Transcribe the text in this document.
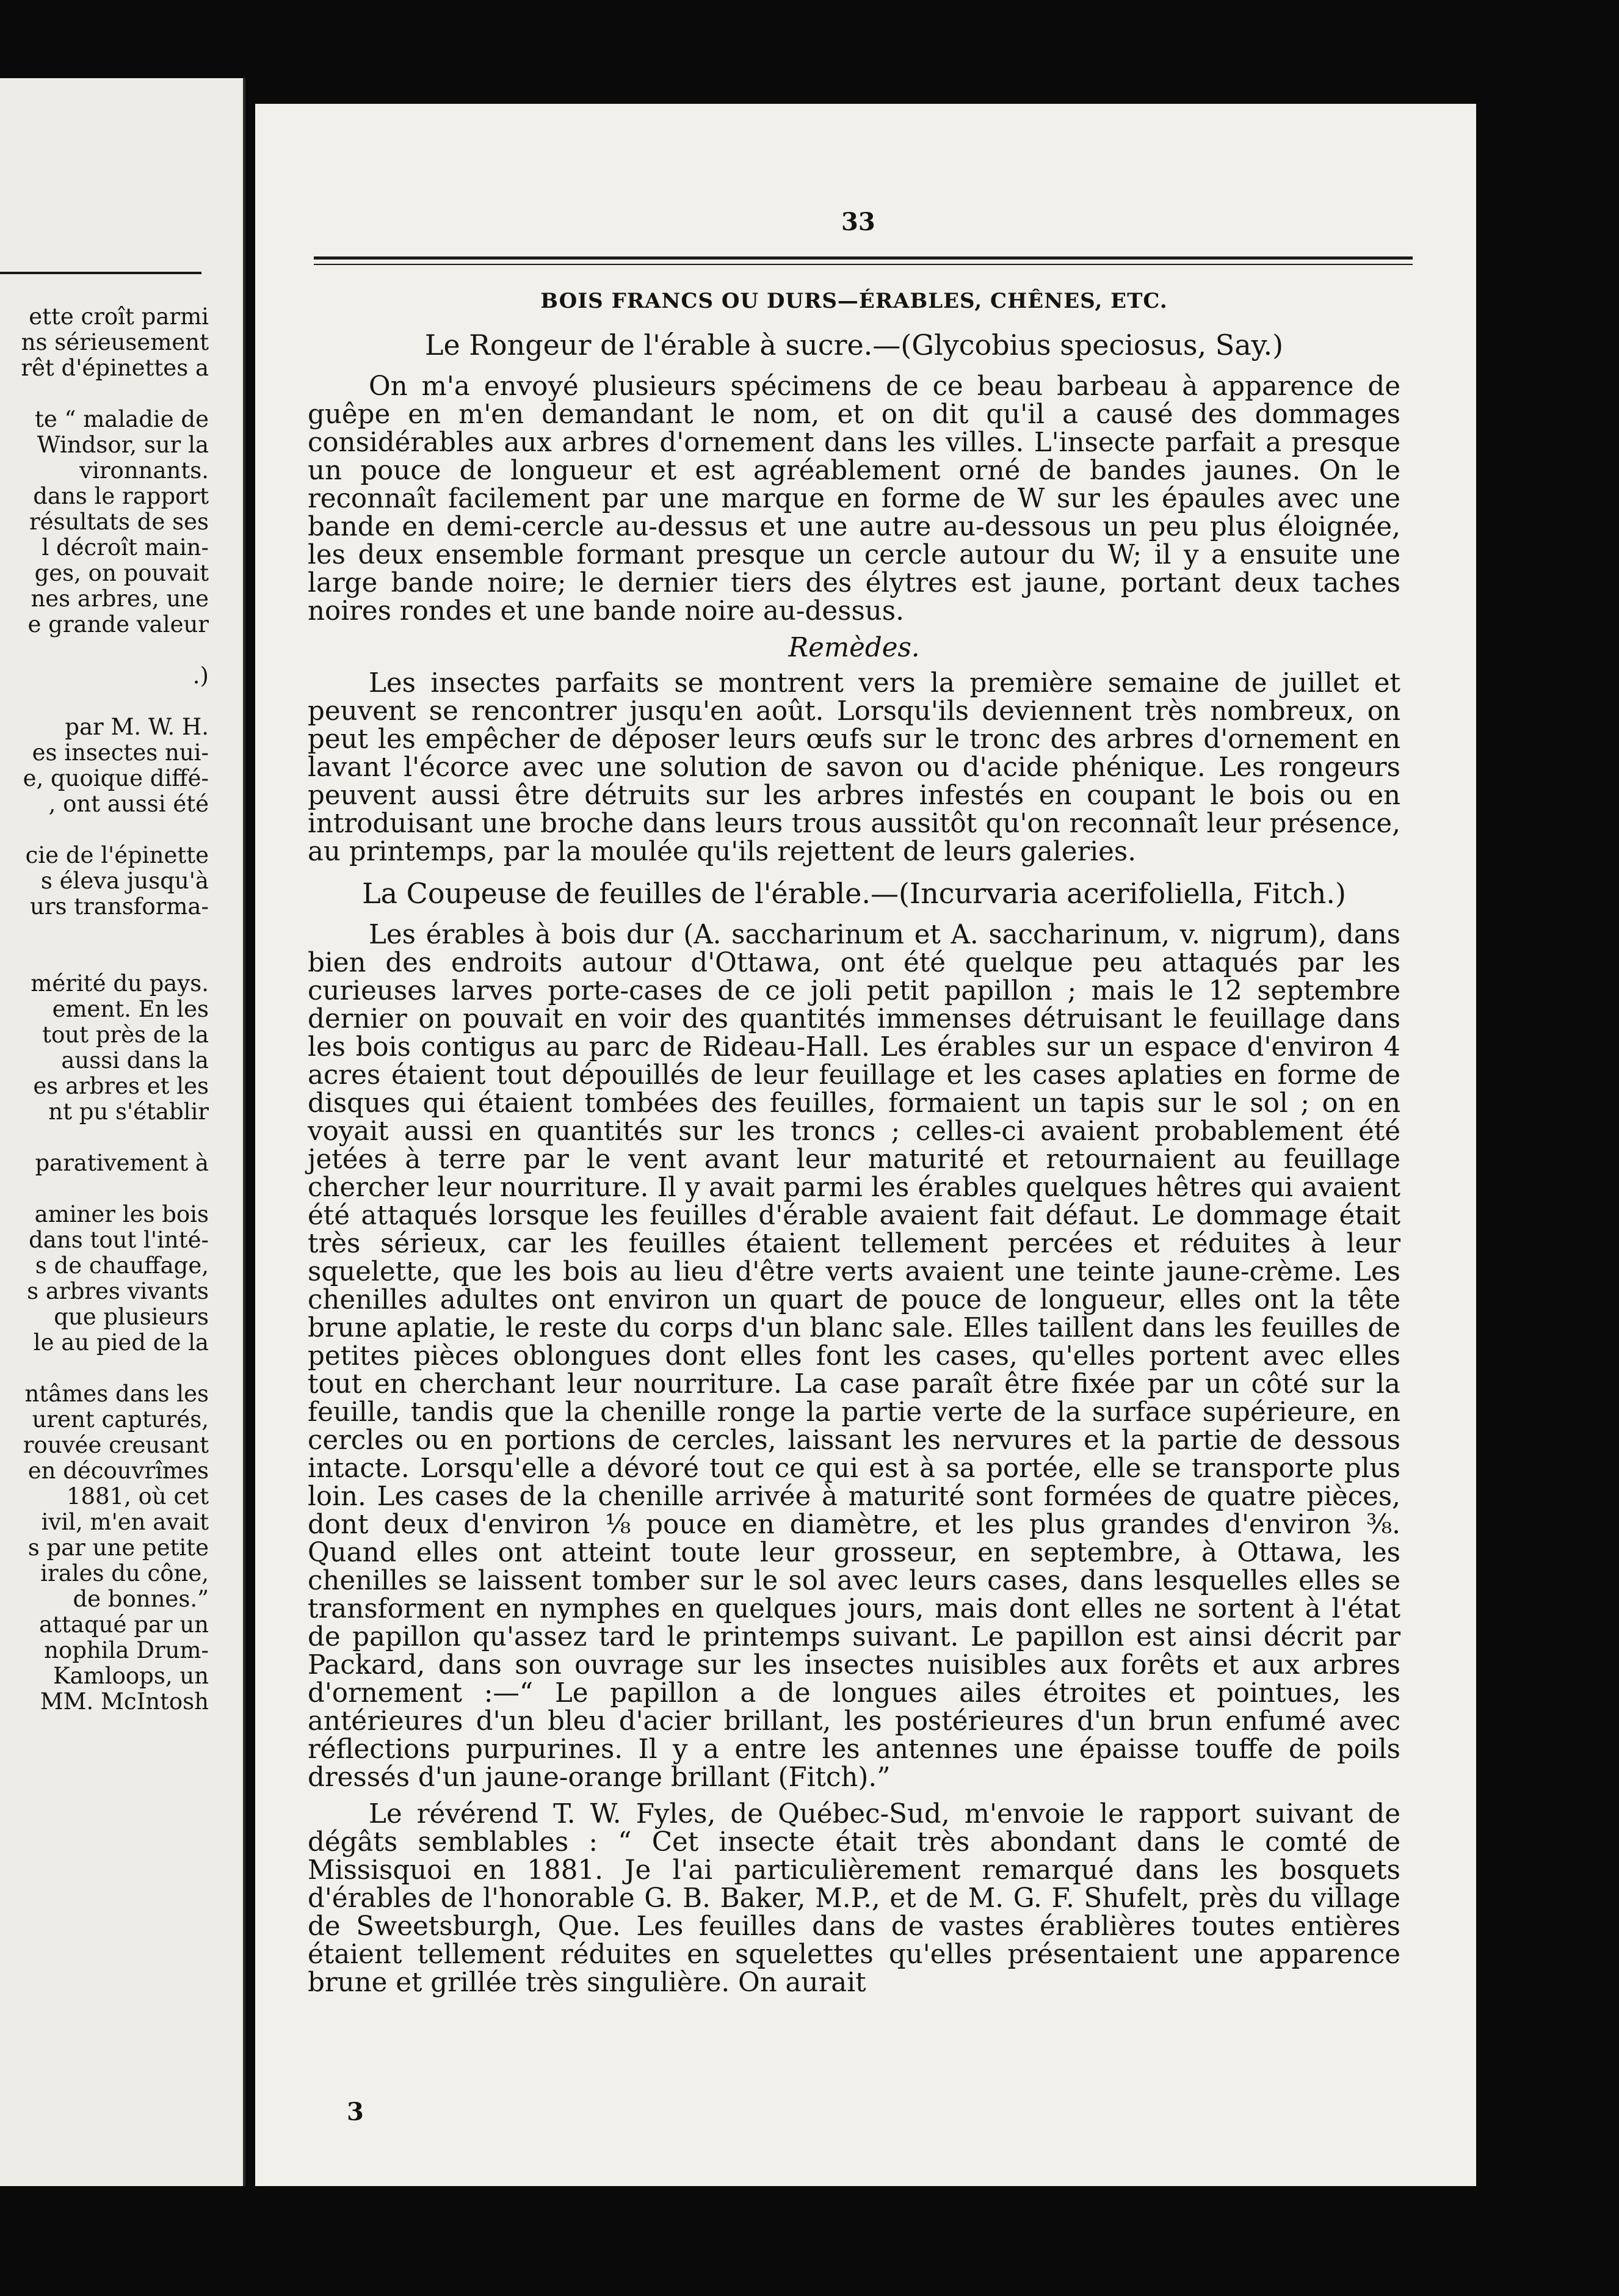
ette croît parmi
ns sérieusement
rêt d'épinettes a

te “ maladie de
Windsor, sur la
vironnants.
dans le rapport
résultats de ses
l décroît main-
ges, on pouvait
nes arbres, une
e grande valeur

.)

par M. W. H.
es insectes nui-
e, quoique diffé-
, ont aussi été

cie de l'épinette
s éleva jusqu'à
urs transforma-

mérité du pays.
ement. En les
tout près de la
aussi dans la
es arbres et les
nt pu s'établir

parativement à

aminer les bois
dans tout l'inté-
s de chauffage,
s arbres vivants
que plusieurs
le au pied de la

ntâmes dans les
urent capturés,
rouvée creusant
en découvrîmes
1881, où cet
ivil, m'en avait
s par une petite
irales du cône,
de bonnes.”
attaqué par un
nophila Drum-
Kamloops, un
MM. McIntosh

33

BOIS FRANCS OU DURS—ÉRABLES, CHÊNES, ETC.

Le Rongeur de l'érable à sucre.—(Glycobius speciosus, Say.)

On m'a envoyé plusieurs spécimens de ce beau barbeau à apparence de guêpe en m'en demandant le nom, et on dit qu'il a causé des dommages considérables aux arbres d'ornement dans les villes. L'insecte parfait a presque un pouce de longueur et est agréablement orné de bandes jaunes. On le reconnaît facilement par une marque en forme de W sur les épaules avec une bande en demi-cercle au-dessus et une autre au-dessous un peu plus éloignée, les deux ensemble formant presque un cercle autour du W; il y a ensuite une large bande noire; le dernier tiers des élytres est jaune, portant deux taches noires rondes et une bande noire au-dessus.

Remèdes.

Les insectes parfaits se montrent vers la première semaine de juillet et peuvent se rencontrer jusqu'en août. Lorsqu'ils deviennent très nombreux, on peut les empêcher de déposer leurs œufs sur le tronc des arbres d'ornement en lavant l'écorce avec une solution de savon ou d'acide phénique. Les rongeurs peuvent aussi être détruits sur les arbres infestés en coupant le bois ou en introduisant une broche dans leurs trous aussitôt qu'on reconnaît leur présence, au printemps, par la moulée qu'ils rejettent de leurs galeries.

La Coupeuse de feuilles de l'érable.—(Incurvaria acerifoliella, Fitch.)

Les érables à bois dur (A. saccharinum et A. saccharinum, v. nigrum), dans bien des endroits autour d'Ottawa, ont été quelque peu attaqués par les curieuses larves porte-cases de ce joli petit papillon ; mais le 12 septembre dernier on pouvait en voir des quantités immenses détruisant le feuillage dans les bois contigus au parc de Rideau-Hall. Les érables sur un espace d'environ 4 acres étaient tout dépouillés de leur feuillage et les cases aplaties en forme de disques qui étaient tombées des feuilles, formaient un tapis sur le sol ; on en voyait aussi en quantités sur les troncs ; celles-ci avaient probablement été jetées à terre par le vent avant leur maturité et retournaient au feuillage chercher leur nourriture. Il y avait parmi les érables quelques hêtres qui avaient été attaqués lorsque les feuilles d'érable avaient fait défaut. Le dommage était très sérieux, car les feuilles étaient tellement percées et réduites à leur squelette, que les bois au lieu d'être verts avaient une teinte jaune-crème. Les chenilles adultes ont environ un quart de pouce de longueur, elles ont la tête brune aplatie, le reste du corps d'un blanc sale. Elles taillent dans les feuilles de petites pièces oblongues dont elles font les cases, qu'elles portent avec elles tout en cherchant leur nourriture. La case paraît être fixée par un côté sur la feuille, tandis que la chenille ronge la partie verte de la surface supérieure, en cercles ou en portions de cercles, laissant les nervures et la partie de dessous intacte. Lorsqu'elle a dévoré tout ce qui est à sa portée, elle se transporte plus loin. Les cases de la chenille arrivée à maturité sont formées de quatre pièces, dont deux d'environ ⅛ pouce en diamètre, et les plus grandes d'environ ⅜. Quand elles ont atteint toute leur grosseur, en septembre, à Ottawa, les chenilles se laissent tomber sur le sol avec leurs cases, dans lesquelles elles se transforment en nymphes en quelques jours, mais dont elles ne sortent à l'état de papillon qu'assez tard le printemps suivant. Le papillon est ainsi décrit par Packard, dans son ouvrage sur les insectes nuisibles aux forêts et aux arbres d'ornement :—“ Le papillon a de longues ailes étroites et pointues, les antérieures d'un bleu d'acier brillant, les postérieures d'un brun enfumé avec réflections purpurines. Il y a entre les antennes une épaisse touffe de poils dressés d'un jaune-orange brillant (Fitch).”

Le révérend T. W. Fyles, de Québec-Sud, m'envoie le rapport suivant de dégâts semblables : “ Cet insecte était très abondant dans le comté de Missisquoi en 1881. Je l'ai particulièrement remarqué dans les bosquets d'érables de l'honorable G. B. Baker, M.P., et de M. G. F. Shufelt, près du village de Sweetsburgh, Que. Les feuilles dans de vastes érablières toutes entières étaient tellement réduites en squelettes qu'elles présentaient une apparence brune et grillée très singulière. On aurait

3
